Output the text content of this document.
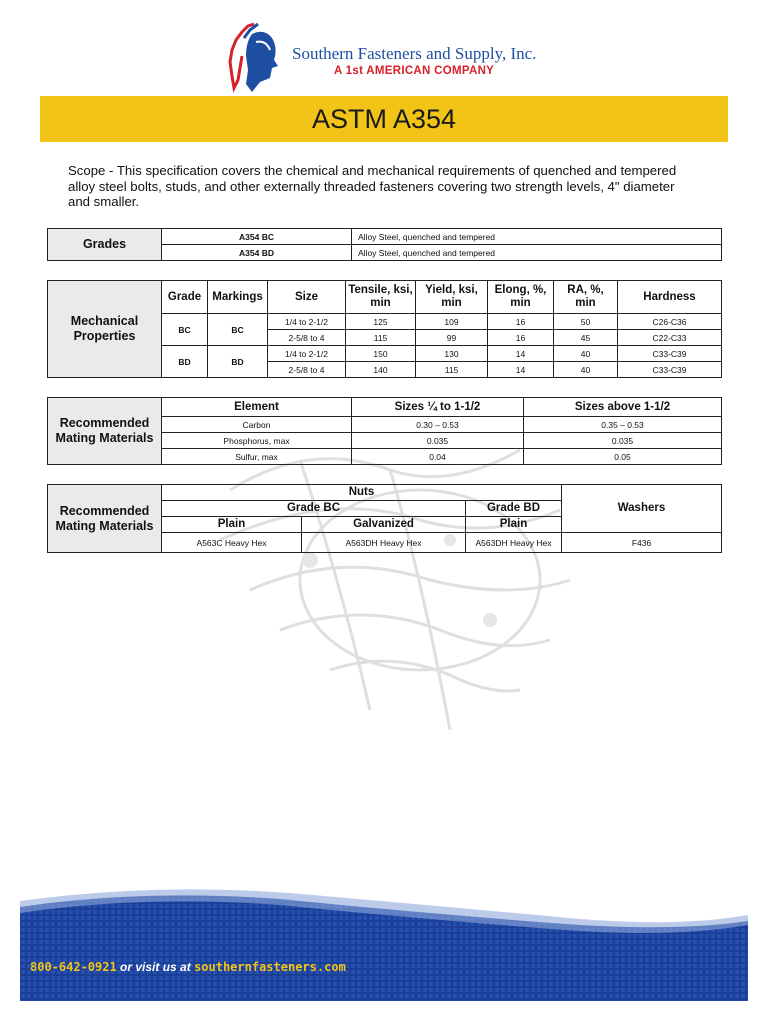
Southern Fasteners and Supply, Inc.
A 1st AMERICAN COMPANY
ASTM A354
Scope - This specification covers the chemical and mechanical requirements of quenched and tempered alloy steel bolts, studs, and other externally threaded fasteners covering two strength levels, 4" diameter and smaller.
Grades	A354 BC	Alloy Steel, quenched and tempered
	A354 BD	Alloy Steel, quenched and tempered
Mechanical Properties	Grade	Markings	Size	Tensile, ksi, min	Yield, ksi, min	Elong, %, min	RA, %, min	Hardness
	BC	BC	1/4 to 2-1/2	125	109	16	50	C26-C36
			2-5/8 to 4	115	99	16	45	C22-C33
	BD	BD	1/4 to 2-1/2	150	130	14	40	C33-C39
			2-5/8 to 4	140	115	14	40	C33-C39
Recommended Mating Materials	Element	Sizes ¼ to 1-1/2	Sizes above 1-1/2
	Carbon	0.30 – 0.53	0.35 – 0.53
	Phosphorus, max	0.035	0.035
	Sulfur, max	0.04	0.05
Recommended Mating Materials	Nuts			Washers
	Grade BC		Grade BD	
	Plain	Galvanized	Plain	
	A563C Heavy Hex	A563DH Heavy Hex	A563DH Heavy Hex	F436
800-642-0921 or visit us at southernfasteners.com
